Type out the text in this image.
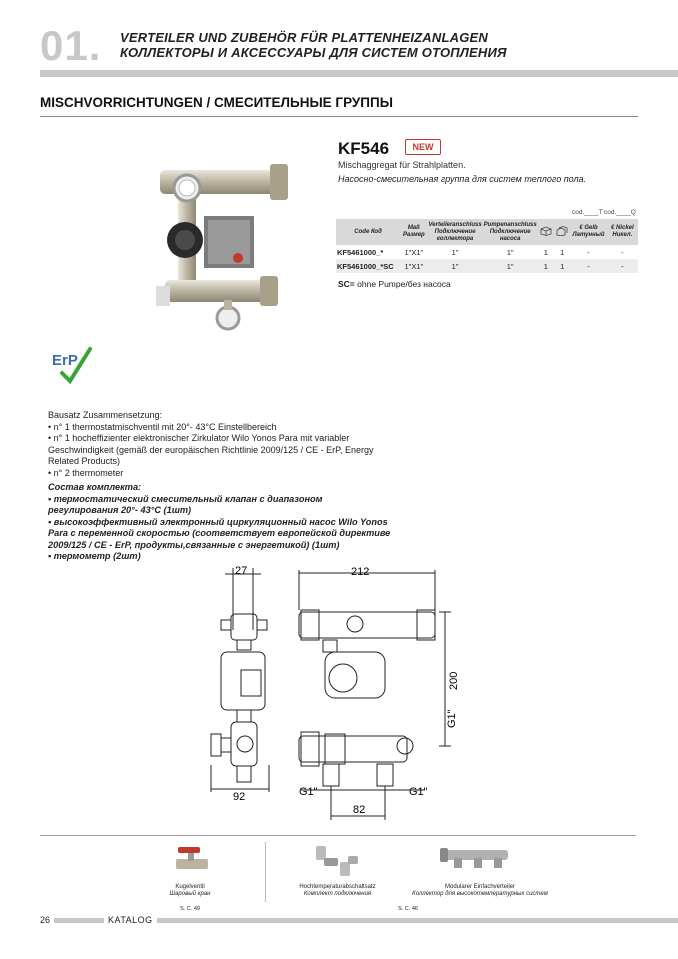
01. VERTEILER UND ZUBEHÖR FÜR PLATTENHEIZANLAGEN
КОЛЛЕКТОРЫ И АКСЕССУАРЫ ДЛЯ СИСТЕМ ОТОПЛЕНИЯ
MISCHVORRICHTUNGEN / СМЕСИТЕЛЬНЫЕ ГРУППЫ
KF546	NEW
Mischaggregat für Strahlplatten.
Насосно-смесительная группа для систем теплого пола.
cod.____T cod.____Q
Code Код	Maß Размер	Verteileranschluss Подключение коллектора	Pumpenanschluss Подключение насоса			€ Gelb Латунный	€ Nickel Никел.
KF5461000_*	1"X1"	1"	1"	1	1	-	-
KF5461000_*SC	1"X1"	1"	1"	1	1	-	-
SC= ohne Pumpe/без насоса
ErP
Bausatz Zusammensetzung:
• n° 1 thermostatmischventil mit 20°- 43°C Einstellbereich
• n° 1 hocheffizienter elektronischer Zirkulator Wilo Yonos Para mit variabler
Geschwindigkeit (gemäß der europäischen Richtlinie 2009/125 / CE - ErP, Energy
Related Products)
• n° 2 thermometer
Состав комплекта:
• термостатический смесительный клапан с диапазоном
регулирования 20°- 43°C (1шт)
• высокоэффективный электронный циркуляционный насос Wilo Yonos
Para с переменной скоростью (соответствует европейской директиве
2009/125 / CE - ErP, продукты,связанные с энергетикой) (1шт)
• термометр (2шт)
27	212
200
G1"
92	G1"	G1"
82
Kugelventil
Шаровый кран
S. C. 49
Hochtemperaturabschaltsatz
Комплект подключения
Modularer Einfachverteiler
Коллектор для высокотемпературных систем
S. C. 46
26	KATALOG
